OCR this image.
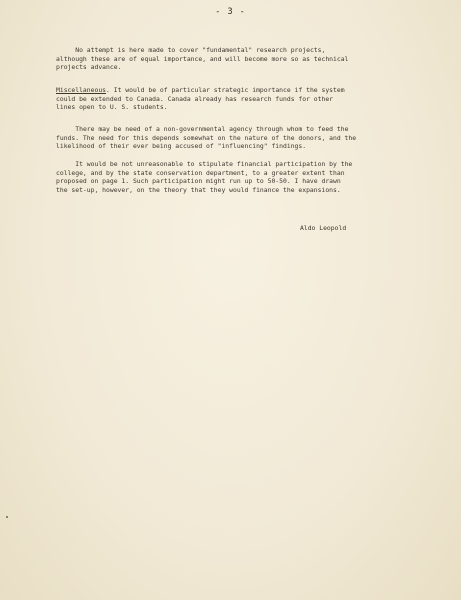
- 3 -
No attempt is here made to cover "fundamental" research projects,
although these are of equal importance, and will become more so as technical
projects advance.
Miscellaneous. It would be of particular strategic importance if the system
could be extended to Canada. Canada already has research funds for other
lines open to U. S. students.
There may be need of a non-governmental agency through whom to feed the
funds. The need for this depends somewhat on the nature of the donors, and the
likelihood of their ever being accused of "influencing" findings.
It would be not unreasonable to stipulate financial participation by the
college, and by the state conservation department, to a greater extent than
proposed on page 1. Such participation might run up to 50-50. I have drawn
the set-up, however, on the theory that they would finance the expansions.
Aldo Leopold
